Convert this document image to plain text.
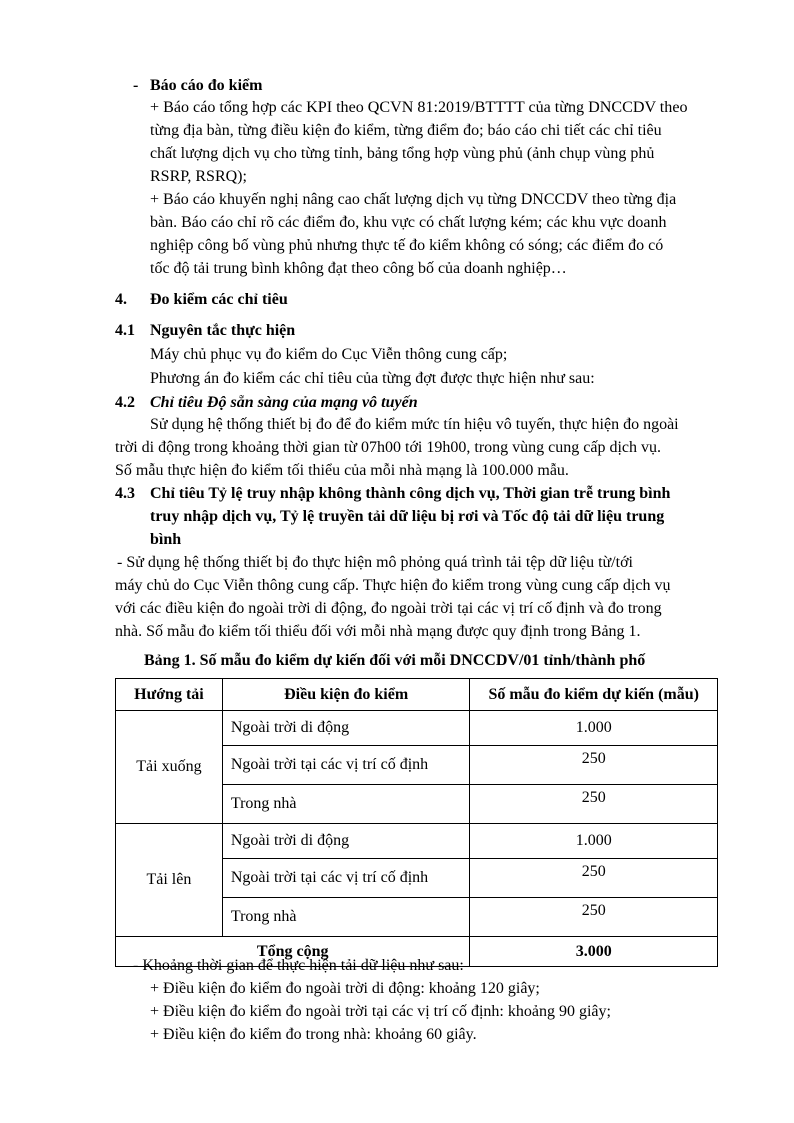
- Báo cáo đo kiểm
+ Báo cáo tổng hợp các KPI theo QCVN 81:2019/BTTTT của từng DNCCDV theo
từng địa bàn, từng điều kiện đo kiểm, từng điểm đo; báo cáo chi tiết các chỉ tiêu
chất lượng dịch vụ cho từng tỉnh, bảng tổng hợp vùng phủ (ảnh chụp vùng phủ
RSRP, RSRQ);
+ Báo cáo khuyến nghị nâng cao chất lượng dịch vụ từng DNCCDV theo từng địa
bàn. Báo cáo chỉ rõ các điểm đo, khu vực có chất lượng kém; các khu vực doanh
nghiệp công bố vùng phủ nhưng thực tế đo kiểm không có sóng; các điểm đo có
tốc độ tải trung bình không đạt theo công bố của doanh nghiệp…
4. Đo kiểm các chỉ tiêu
4.1 Nguyên tắc thực hiện
Máy chủ phục vụ đo kiểm do Cục Viễn thông cung cấp;
Phương án đo kiểm các chỉ tiêu của từng đợt được thực hiện như sau:
4.2 Chỉ tiêu Độ sẵn sàng của mạng vô tuyến
Sử dụng hệ thống thiết bị đo để đo kiểm mức tín hiệu vô tuyến, thực hiện đo ngoài
trời di động trong khoảng thời gian từ 07h00 tới 19h00, trong vùng cung cấp dịch vụ.
Số mẫu thực hiện đo kiểm tối thiểu của mỗi nhà mạng là 100.000 mẫu.
4.3 Chỉ tiêu Tỷ lệ truy nhập không thành công dịch vụ, Thời gian trễ trung bình
truy nhập dịch vụ, Tỷ lệ truyền tải dữ liệu bị rơi và Tốc độ tải dữ liệu trung
bình
- Sử dụng hệ thống thiết bị đo thực hiện mô phỏng quá trình tải tệp dữ liệu từ/tới
máy chủ do Cục Viễn thông cung cấp. Thực hiện đo kiểm trong vùng cung cấp dịch vụ
với các điều kiện đo ngoài trời di động, đo ngoài trời tại các vị trí cố định và đo trong
nhà. Số mẫu đo kiểm tối thiểu đối với mỗi nhà mạng được quy định trong Bảng 1.
Bảng 1. Số mẫu đo kiểm dự kiến đối với mỗi DNCCDV/01 tỉnh/thành phố
Hướng tải	Điều kiện đo kiểm	Số mẫu đo kiểm dự kiến (mẫu)
Tải xuống	Ngoài trời di động	1.000
	Ngoài trời tại các vị trí cố định	250
	Trong nhà	250
Tải lên	Ngoài trời di động	1.000
	Ngoài trời tại các vị trí cố định	250
	Trong nhà	250
Tổng cộng		3.000
- Khoảng thời gian để thực hiện tải dữ liệu như sau:
+ Điều kiện đo kiểm đo ngoài trời di động: khoảng 120 giây;
+ Điều kiện đo kiểm đo ngoài trời tại các vị trí cố định: khoảng 90 giây;
+ Điều kiện đo kiểm đo trong nhà: khoảng 60 giây.
